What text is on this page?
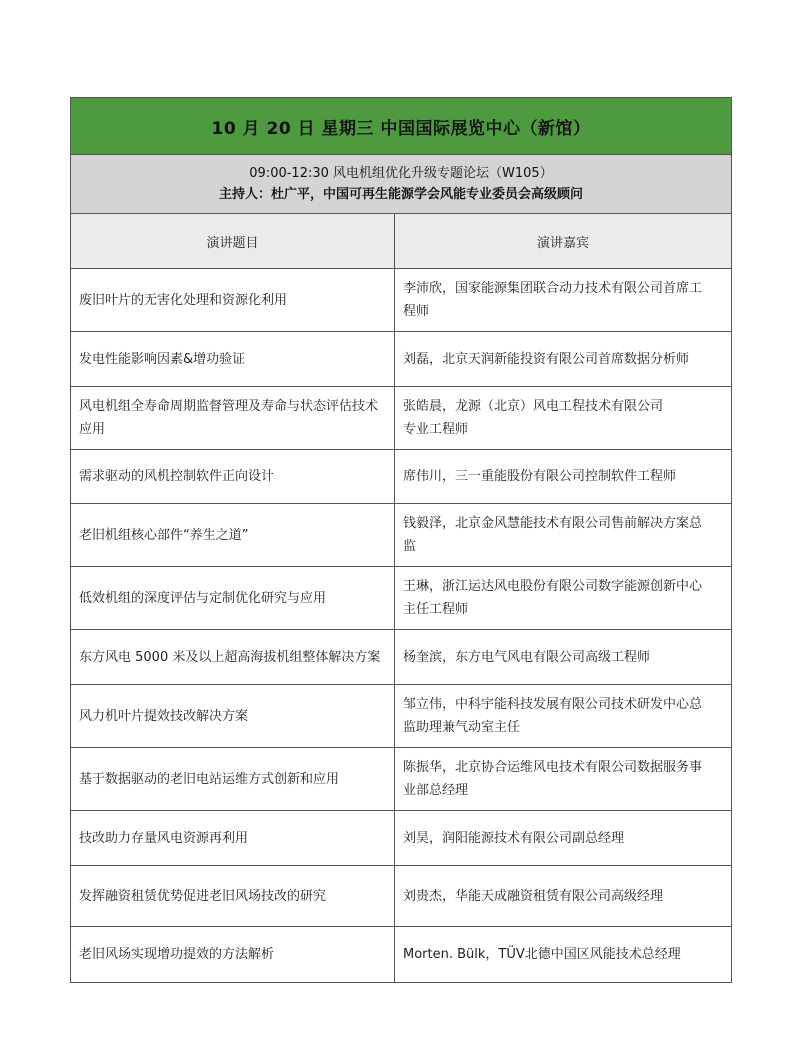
10 月 20 日 星期三 中国国际展览中心（新馆）	

09:00-12:30 风电机组优化升级专题论坛（W105）
主持人：杜广平，中国可再生能源学会风能专业委员会高级顾问	

演讲题目	演讲嘉宾
废旧叶片的无害化处理和资源化利用	李沛欣，国家能源集团联合动力技术有限公司首席工
程师

发电性能影响因素&增功验证	刘磊，北京天润新能投资有限公司首席数据分析师

风电机组全寿命周期监督管理及寿命与状态评估技术应用	张皓晨，龙源（北京）风电工程技术有限公司
专业工程师

需求驱动的风机控制软件正向设计	席伟川，三一重能股份有限公司控制软件工程师

老旧机组核心部件“养生之道”	钱毅泽，北京金风慧能技术有限公司售前解决方案总
监

低效机组的深度评估与定制优化研究与应用	王琳，浙江运达风电股份有限公司数字能源创新中心
主任工程师

东方风电 5000 米及以上超高海拔机组整体解决方案	杨奎滨，东方电气风电有限公司高级工程师

风力机叶片提效技改解决方案	邹立伟，中科宇能科技发展有限公司技术研发中心总
监助理兼气动室主任

基于数据驱动的老旧电站运维方式创新和应用	陈振华，北京协合运维风电技术有限公司数据服务事
业部总经理

技改助力存量风电资源再利用	刘昊，润阳能源技术有限公司副总经理

发挥融资租赁优势促进老旧风场技改的研究	刘贵杰，华能天成融资租赁有限公司高级经理

老旧风场实现增功提效的方法解析	Morten. Bülk，TÜV北德中国区风能技术总经理
